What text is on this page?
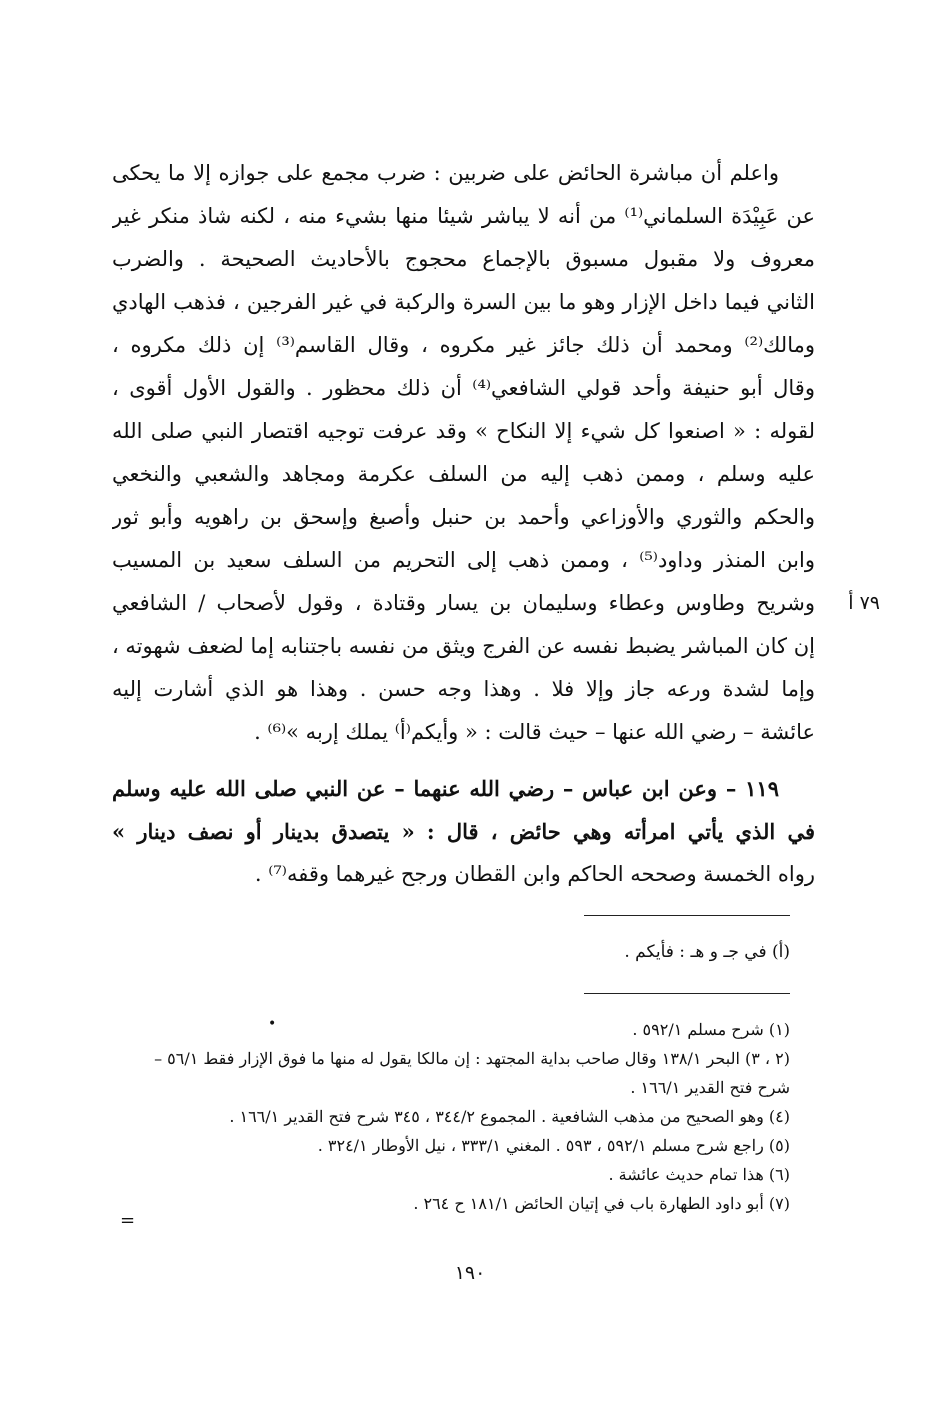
واعلم أن مباشرة الحائض على ضربين : ضرب مجمع على جوازه إلا ما يحكى
عن عَبِيْدَة السلماني⁽¹⁾ من أنه لا يباشر شيئا منها بشيء منه ، لكنه شاذ منكر غير
معروف ولا مقبول مسبوق بالإجماع محجوج بالأحاديث الصحيحة . والضرب
الثاني فيما داخل الإزار وهو ما بين السرة والركبة في غير الفرجين ، فذهب الهادي
ومالك⁽²⁾ ومحمد أن ذلك جائز غير مكروه ، وقال القاسم⁽³⁾ إن ذلك مكروه ،
وقال أبو حنيفة وأحد قولي الشافعي⁽⁴⁾ أن ذلك محظور . والقول الأول أقوى ،
لقوله : « اصنعوا كل شيء إلا النكاح » وقد عرفت توجيه اقتصار النبي صلى الله
عليه وسلم ، وممن ذهب إليه من السلف عكرمة ومجاهد والشعبي والنخعي
والحكم والثوري والأوزاعي وأحمد بن حنبل وأصبغ وإسحق بن راهويه وأبو ثور
وابن المنذر وداود⁽⁵⁾ ، وممن ذهب إلى التحريم من السلف سعيد بن المسيب
وشريح وطاوس وعطاء وسليمان بن يسار وقتادة ، وقول لأصحاب / الشافعي
إن كان المباشر يضبط نفسه عن الفرج ويثق من نفسه باجتنابه إما لضعف شهوته ،
وإما لشدة ورعه جاز وإلا فلا . وهذا وجه حسن . وهذا هو الذي أشارت إليه
عائشة – رضي الله عنها – حيث قالت : « وأيكم⁽أ⁾ يملك إربه »⁽⁶⁾ .
٧٩ أ
١١٩ – وعن ابن عباس – رضي الله عنهما – عن النبي صلى الله عليه وسلم
في الذي يأتي امرأته وهي حائض ، قال : « يتصدق بدينار أو نصف دينار »
رواه الخمسة وصححه الحاكم وابن القطان ورجح غيرهما وقفه⁽⁷⁾ .
(أ) في جـ و هـ : فأيكم .
•	(١) شرح مسلم ٥٩٢/١ .
(٢ ، ٣) البحر ١٣٨/١ وقال صاحب بداية المجتهد : إن مالكا يقول له منها ما فوق الإزار فقط ٥٦/١ –
شرح فتح القدير ١٦٦/١ .
(٤) وهو الصحيح من مذهب الشافعية . المجموع ٣٤٤/٢ ، ٣٤٥ شرح فتح القدير ١٦٦/١ .
(٥) راجع شرح مسلم ٥٩٢/١ ، ٥٩٣ . المغني ٣٣٣/١ ، نيل الأوطار ٣٢٤/١ .
(٦) هذا تمام حديث عائشة .
(٧) أبو داود الطهارة باب في إتيان الحائض ١٨١/١ ح ٢٦٤ .
=
١٩٠
